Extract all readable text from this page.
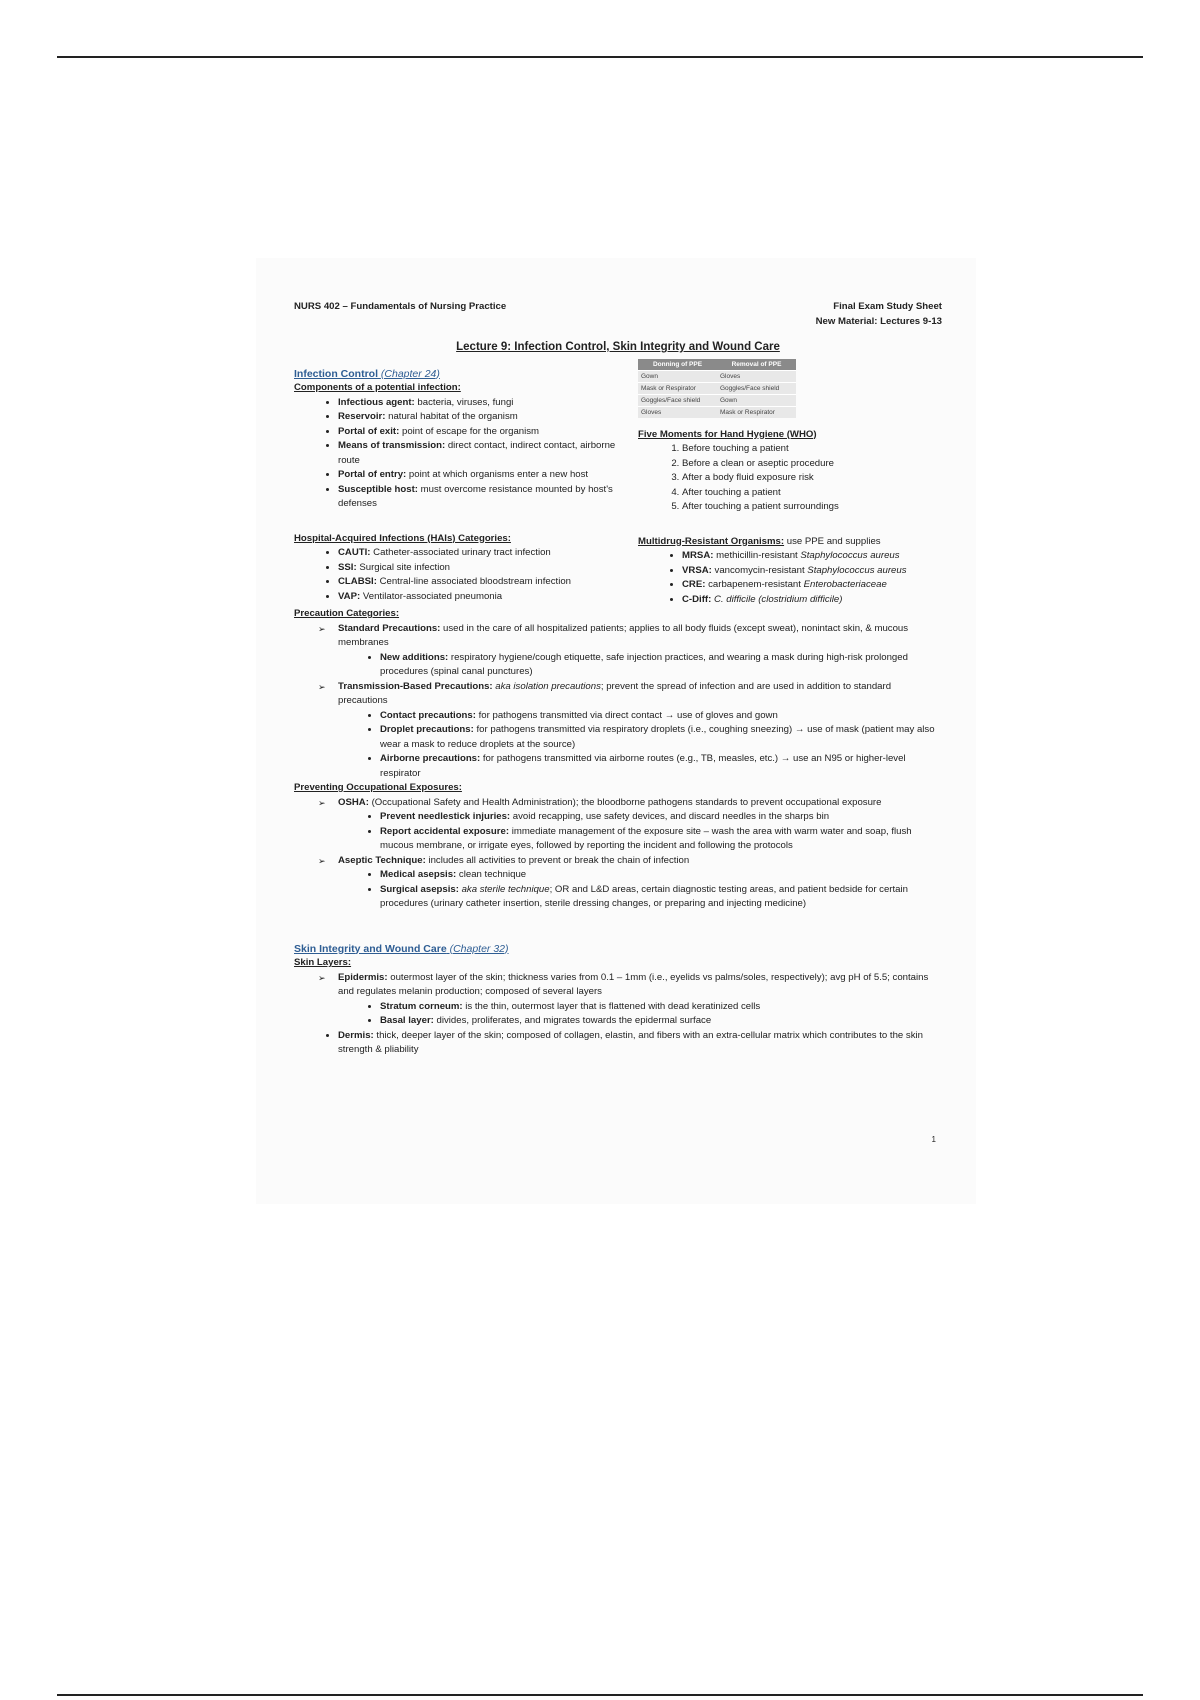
NURS 402 – Fundamentals of Nursing Practice	Final Exam Study Sheet
New Material: Lectures 9-13
Lecture 9: Infection Control, Skin Integrity and Wound Care
Infection Control (Chapter 24)
Components of a potential infection:
• Infectious agent: bacteria, viruses, fungi
• Reservoir: natural habitat of the organism
• Portal of exit: point of escape for the organism
• Means of transmission: direct contact, indirect contact, airborne route
• Portal of entry: point at which organisms enter a new host
• Susceptible host: must overcome resistance mounted by host's defenses
Hospital-Acquired Infections (HAIs) Categories:
• CAUTI: Catheter-associated urinary tract infection
• SSI: Surgical site infection
• CLABSI: Central-line associated bloodstream infection
• VAP: Ventilator-associated pneumonia
Donning of PPE	Removal of PPE
Gown	Gloves
Mask or Respirator	Goggles/Face shield
Goggles/Face shield	Gown
Gloves	Mask or Respirator
Five Moments for Hand Hygiene (WHO)
1. Before touching a patient
2. Before a clean or aseptic procedure
3. After a body fluid exposure risk
4. After touching a patient
5. After touching a patient surroundings
Multidrug-Resistant Organisms: use PPE and supplies
• MRSA: methicillin-resistant Staphylococcus aureus
• VRSA: vancomycin-resistant Staphylococcus aureus
• CRE: carbapenem-resistant Enterobacteriaceae
• C-Diff: C. difficile (clostridium difficile)
Precaution Categories:
➢ Standard Precautions: used in the care of all hospitalized patients; applies to all body fluids (except sweat), nonintact skin, & mucous membranes
• New additions: respiratory hygiene/cough etiquette, safe injection practices, and wearing a mask during high-risk prolonged procedures (spinal canal punctures)
➢ Transmission-Based Precautions: aka isolation precautions; prevent the spread of infection and are used in addition to standard precautions
• Contact precautions: for pathogens transmitted via direct contact → use of gloves and gown
• Droplet precautions: for pathogens transmitted via respiratory droplets (i.e., coughing sneezing) → use of mask (patient may also wear a mask to reduce droplets at the source)
• Airborne precautions: for pathogens transmitted via airborne routes (e.g., TB, measles, etc.) → use an N95 or higher-level respirator
Preventing Occupational Exposures:
➢ OSHA: (Occupational Safety and Health Administration); the bloodborne pathogens standards to prevent occupational exposure
• Prevent needlestick injuries: avoid recapping, use safety devices, and discard needles in the sharps bin
• Report accidental exposure: immediate management of the exposure site – wash the area with warm water and soap, flush mucous membrane, or irrigate eyes, followed by reporting the incident and following the protocols
➢ Aseptic Technique: includes all activities to prevent or break the chain of infection
• Medical asepsis: clean technique
• Surgical asepsis: aka sterile technique; OR and L&D areas, certain diagnostic testing areas, and patient bedside for certain procedures (urinary catheter insertion, sterile dressing changes, or preparing and injecting medicine)
Skin Integrity and Wound Care (Chapter 32)
Skin Layers:
➢ Epidermis: outermost layer of the skin; thickness varies from 0.1 – 1mm (i.e., eyelids vs palms/soles, respectively); avg pH of 5.5; contains and regulates melanin production; composed of several layers
• Stratum corneum: is the thin, outermost layer that is flattened with dead keratinized cells
• Basal layer: divides, proliferates, and migrates towards the epidermal surface
• Dermis: thick, deeper layer of the skin; composed of collagen, elastin, and fibers with an extra-cellular matrix which contributes to the skin strength & pliability
1
